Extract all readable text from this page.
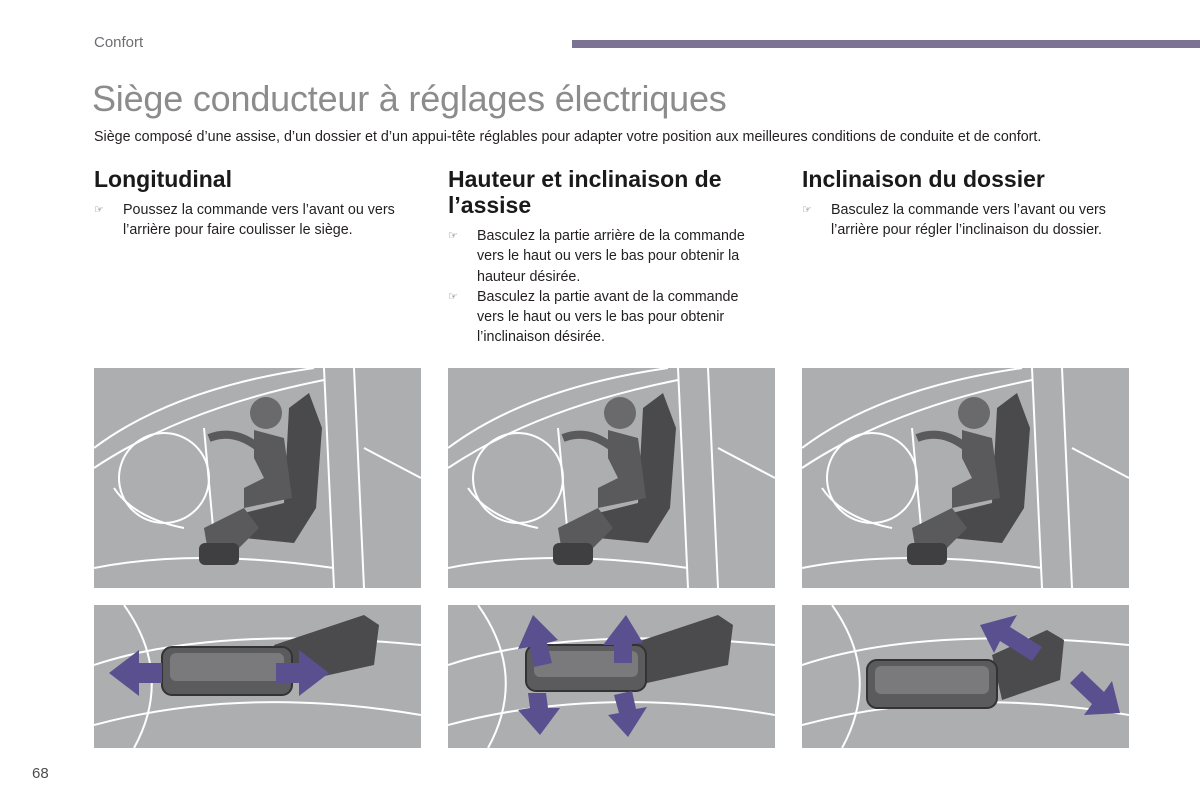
Confort
Siège conducteur à réglages électriques

Siège composé d’une assise, d’un dossier et d’un appui-tête réglables pour adapter votre position aux meilleures conditions de conduite et de confort.

Longitudinal
☞ Poussez la commande vers l’avant ou vers l’arrière pour faire coulisser le siège.
Hauteur et inclinaison de l’assise
☞ Basculez la partie arrière de la commande vers le haut ou vers le bas pour obtenir la hauteur désirée.
☞ Basculez la partie avant de la commande vers le haut ou vers le bas pour obtenir l’inclinaison désirée.
Inclinaison du dossier
☞ Basculez la commande vers l’avant ou vers l’arrière pour régler l’inclinaison du dossier.
68
